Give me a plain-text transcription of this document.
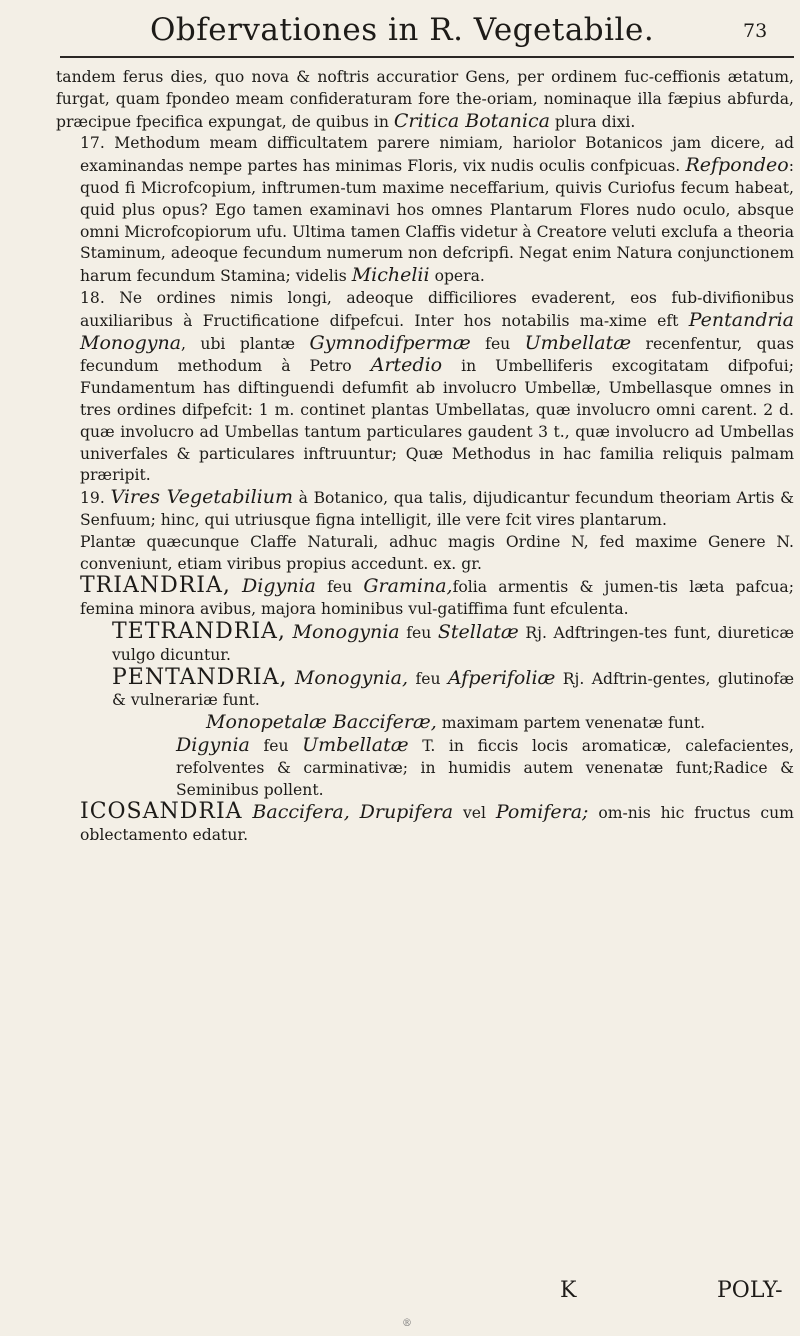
Obfervationes in R. Vegetabile.	73

tandem ferus dies, quo nova & noftris accuratior Gens, per ordinem fuc-ceffionis ætatum, furgat, quam fpondeo meam confideraturam fore the-oriam, nominaque illa fæpius abfurda, præcipue fpecifica expungat, de quibus in Critica Botanica plura dixi.

17. Methodum meam difficultatem parere nimiam, hariolor Botanicos jam dicere, ad examinandas nempe partes has minimas Floris, vix nudis oculis confpicuas. Refpondeo: quod fi Microfcopium, inftrumen-tum maxime neceffarium, quivis Curiofus fecum habeat, quid plus opus? Ego tamen examinavi hos omnes Plantarum Flores nudo oculo, absque omni Microfcopiorum ufu. Ultima tamen Claffis videtur à Creatore veluti exclufa a theoria Staminum, adeoque fecundum numerum non defcripfi. Negat enim Natura conjunctionem harum fecundum Stamina; videlis Michelii opera.

18. Ne ordines nimis longi, adeoque difficiliores evaderent, eos fub-divifionibus auxiliaribus à Fructificatione difpefcui. Inter hos notabilis ma-xime eft Pentandria Monogyna, ubi plantæ Gymnodifpermæ feu Umbellatæ recenfentur, quas fecundum methodum à Petro Artedio in Umbelliferis excogitatam difpofui; Fundamentum has diftinguendi defumfit ab involucro Umbellæ, Umbellasque omnes in tres ordines difpefcit: 1 m. continet plantas Umbellatas, quæ involucro omni carent. 2 d. quæ involucro ad Umbellas tantum particulares gaudent 3 t., quæ involucro ad Umbellas univerfales & particulares inftruuntur; Quæ Methodus in hac familia reliquis palmam præripit.

19. Vires Vegetabilium à Botanico, qua talis, dijudicantur fecundum theoriam Artis & Senfuum; hinc, qui utriusque figna intelligit, ille vere fcit vires plantarum.

Plantæ quæcunque Claffe Naturali, adhuc magis Ordine N, fed maxime Genere N. conveniunt, etiam viribus propius accedunt. ex. gr.

TRIANDRIA, Digynia feu Gramina,folia armentis & jumen-tis læta pafcua; femina minora avibus, majora hominibus vul-gatiffima funt efculenta.

TETRANDRIA, Monogynia feu Stellatæ Rj. Adftringen-tes funt, diureticæ vulgo dicuntur.

PENTANDRIA, Monogynia, feu Afperifoliæ Rj. Adftrin-gentes, glutinofæ & vulnerariæ funt.

Monopetalæ Bacciferæ, maximam partem venenatæ funt.

Digynia feu Umbellatæ T. in ficcis locis aromaticæ, calefacientes, refolventes & carminativæ; in humidis autem venenatæ funt;Radice & Seminibus pollent.

ICOSANDRIA Baccifera, Drupifera vel Pomifera; om-nis hic fructus cum oblectamento edatur.

K	POLY-
®
